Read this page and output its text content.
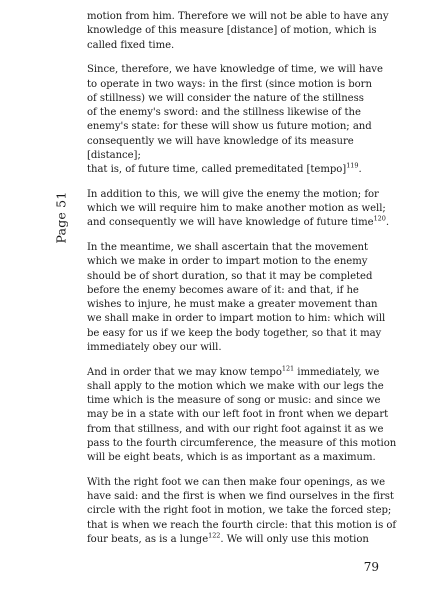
Page 51

motion from him. Therefore we will not be able to have any
knowledge of this measure [distance] of motion, which is
called fixed time.

Since, therefore, we have knowledge of time, we will have
to operate in two ways: in the first (since motion is born
of stillness) we will consider the nature of the stillness
of the enemy's sword: and the stillness likewise of the
enemy's state: for these will show us future motion; and
consequently we will have knowledge of its measure
[distance];
that is, of future time, called premeditated [tempo]$^{119}$.

In addition to this, we will give the enemy the motion; for
which we will require him to make another motion as well;
and consequently we will have knowledge of future time$^{120}$.

In the meantime, we shall ascertain that the movement
which we make in order to impart motion to the enemy
should be of short duration, so that it may be completed
before the enemy becomes aware of it: and that, if he
wishes to injure, he must make a greater movement than
we shall make in order to impart motion to him: which will
be easy for us if we keep the body together, so that it may
immediately obey our will.

And in order that we may know tempo$^{121}$ immediately, we
shall apply to the motion which we make with our legs the
time which is the measure of song or music: and since we
may be in a state with our left foot in front when we depart
from that stillness, and with our right foot against it as we
pass to the fourth circumference, the measure of this motion
will be eight beats, which is as important as a maximum.

With the right foot we can then make four openings, as we
have said: and the first is when we find ourselves in the first
circle with the right foot in motion, we take the forced step;
that is when we reach the fourth circle: that this motion is of
four beats, as is a lunge$^{122}$. We will only use this motion

79
